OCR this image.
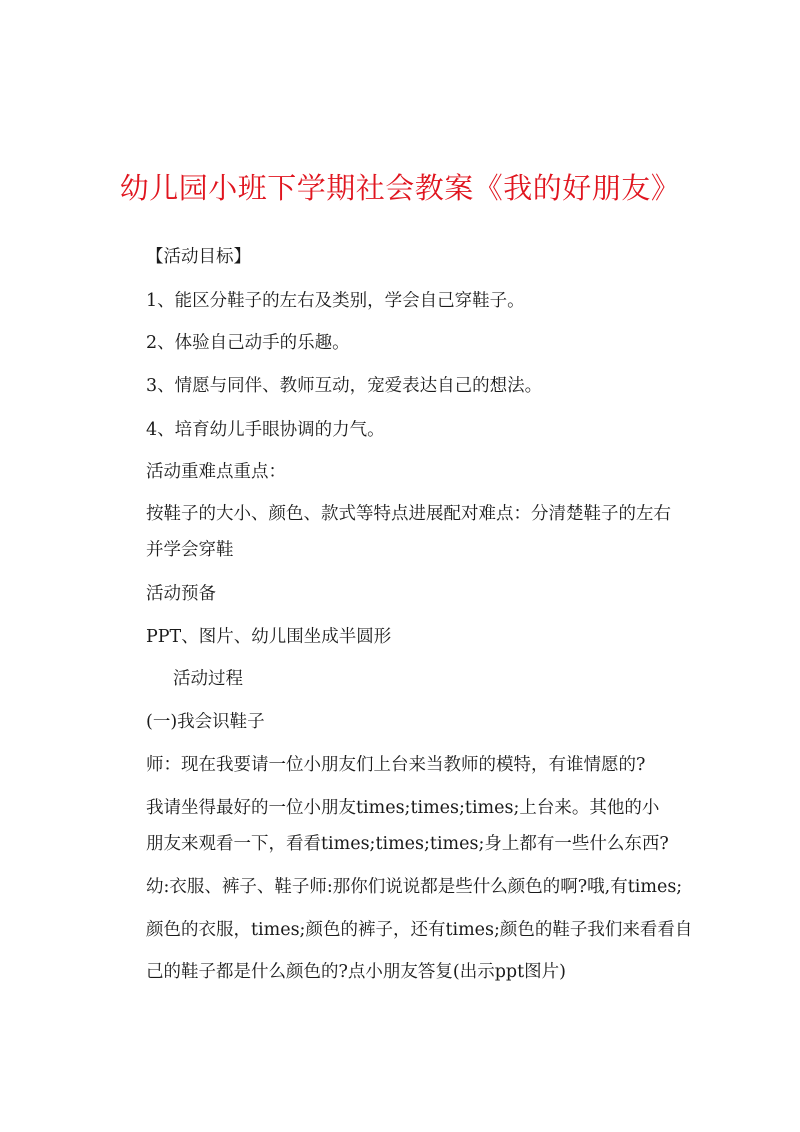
幼儿园小班下学期社会教案《我的好朋友》
【活动目标】
1、能区分鞋子的左右及类别，学会自己穿鞋子。
2、体验自己动手的乐趣。
3、情愿与同伴、教师互动，宠爱表达自己的想法。
4、培育幼儿手眼协调的力气。
活动重难点重点：
按鞋子的大小、颜色、款式等特点进展配对难点：分清楚鞋子的左右
并学会穿鞋
活动预备
PPT、图片、幼儿围坐成半圆形
活动过程
(一)我会识鞋子
师：现在我要请一位小朋友们上台来当教师的模特，有谁情愿的?
我请坐得最好的一位小朋友times;times;times;上台来。其他的小
朋友来观看一下，看看times;times;times;身上都有一些什么东西?
幼:衣服、裤子、鞋子师:那你们说说都是些什么颜色的啊?哦,有times;
颜色的衣服，times;颜色的裤子，还有times;颜色的鞋子我们来看看自
己的鞋子都是什么颜色的?点小朋友答复(出示ppt图片)
